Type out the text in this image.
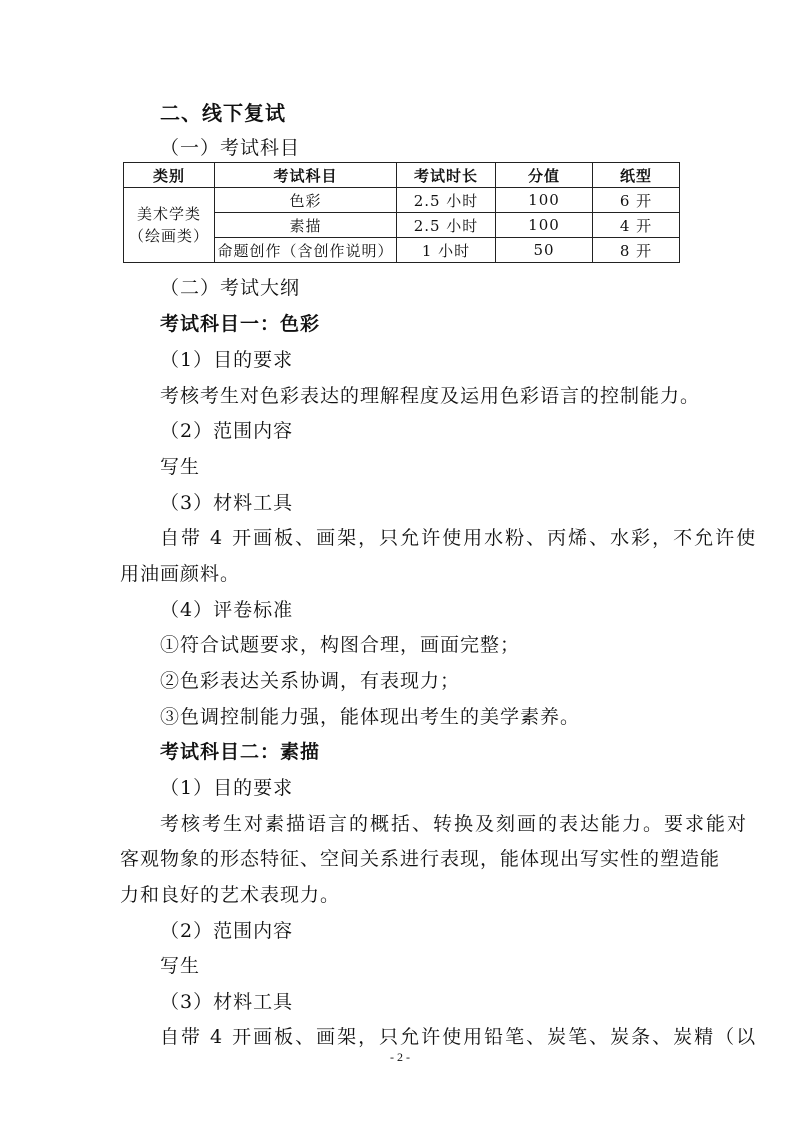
二、线下复试
（一）考试科目
类别	考试科目	考试时长	分值	纸型

美术学类
（绘画类）	色彩	2.5 小时	100	6 开
	素描	2.5 小时	100	4 开
	命题创作（含创作说明）	1 小时	50	8 开
（二）考试大纲
考试科目一：色彩
（1）目的要求
考核考生对色彩表达的理解程度及运用色彩语言的控制能力。
（2）范围内容
写生
（3）材料工具
自带 4 开画板、画架，只允许使用水粉、丙烯、水彩，不允许使
用油画颜料。
（4）评卷标准
①符合试题要求，构图合理，画面完整；
②色彩表达关系协调，有表现力；
③色调控制能力强，能体现出考生的美学素养。
考试科目二：素描
（1）目的要求
考核考生对素描语言的概括、转换及刻画的表达能力。要求能对
客观物象的形态特征、空间关系进行表现，能体现出写实性的塑造能
力和良好的艺术表现力。
（2）范围内容
写生
（3）材料工具
自带 4 开画板、画架，只允许使用铅笔、炭笔、炭条、炭精（以
- 2 -
